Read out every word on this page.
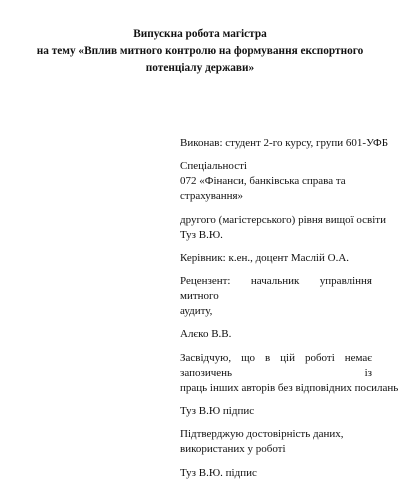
Випускна робота магістра
на тему «Вплив митного контролю на формування експортного
потенціалу держави»
Виконав: студент 2-го курсу, групи 601-УФБ
Спеціальності
072 «Фінанси, банківська справа та
страхування»
другого (магістерського) рівня вищої освіти
Туз В.Ю.
Керівник: к.ен., доцент Маслій О.А.
Рецензент: начальник управління митного
аудиту,
Алєко В.В.
Засвідчую, що в цій роботі немає запозичень із
праць інших авторів без відповідних посилань
Туз В.Ю підпис
Підтверджую достовірність даних,
використаних у роботі
Туз В.Ю. підпис
